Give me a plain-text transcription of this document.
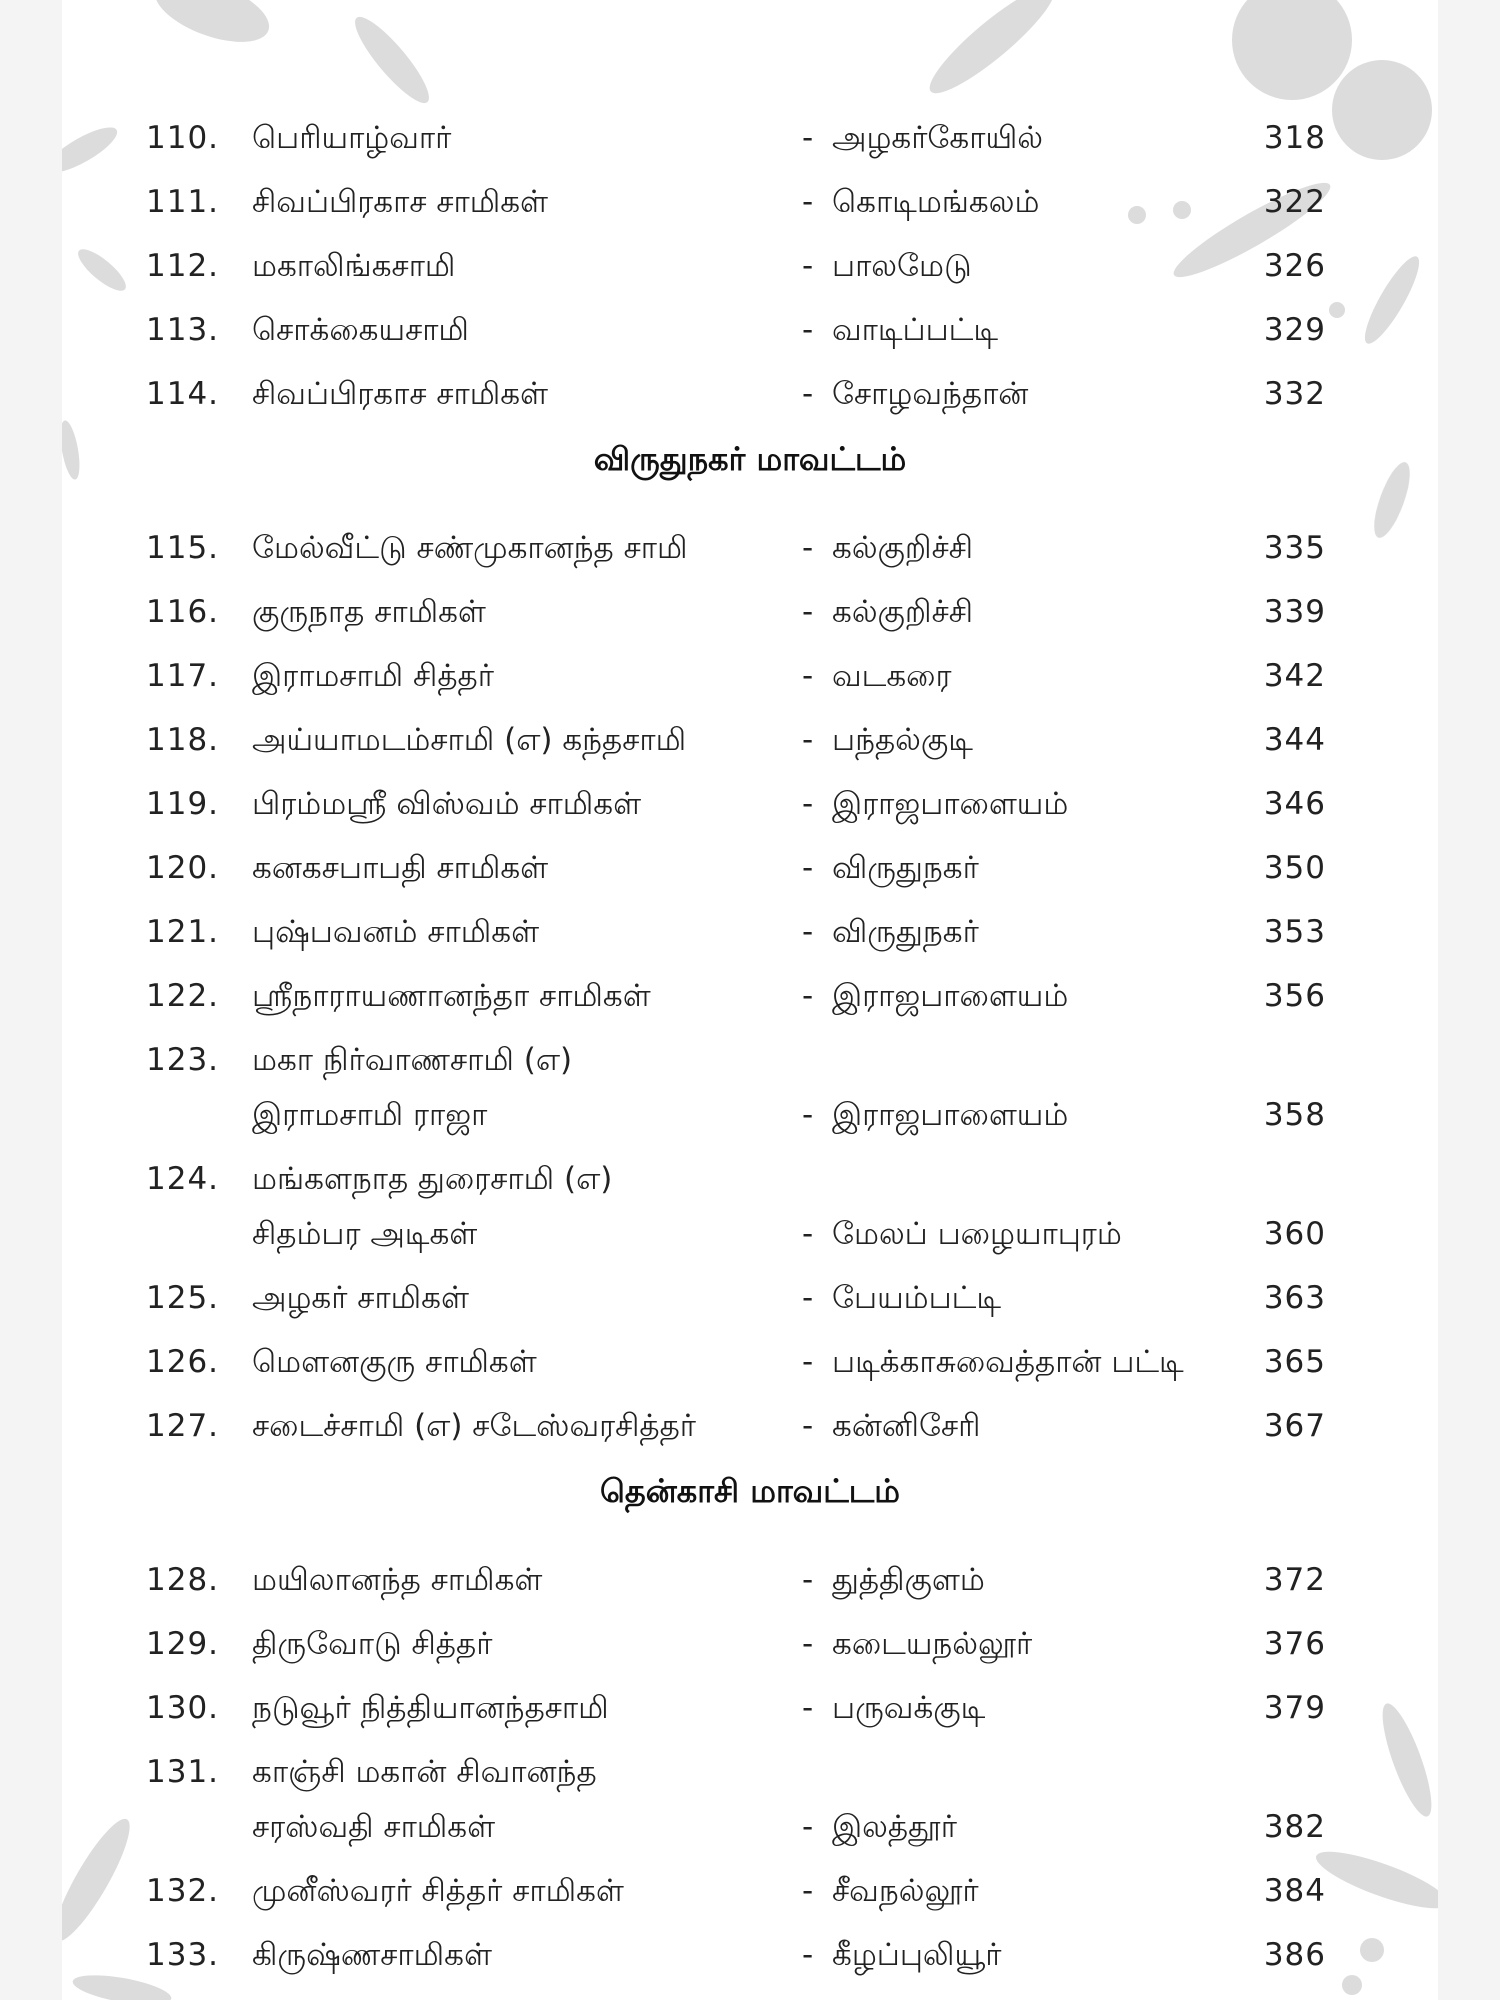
110. பெரியாழ்வார்	- அழகர்கோயில்	318
111. சிவப்பிரகாச சாமிகள்	- கொடிமங்கலம்	322
112. மகாலிங்கசாமி	- பாலமேடு	326
113. சொக்கையசாமி	- வாடிப்பட்டி	329
114. சிவப்பிரகாச சாமிகள்	- சோழவந்தான்	332
விருதுநகர் மாவட்டம்
115. மேல்வீட்டு சண்முகானந்த சாமி	- கல்குறிச்சி	335
116. குருநாத சாமிகள்	- கல்குறிச்சி	339
117. இராமசாமி சித்தர்	- வடகரை	342
118. அய்யாமடம்சாமி (எ) கந்தசாமி	- பந்தல்குடி	344
119. பிரம்மஸ்ரீ விஸ்வம் சாமிகள்	- இராஜபாளையம்	346
120. கனகசபாபதி சாமிகள்	- விருதுநகர்	350
121. புஷ்பவனம் சாமிகள்	- விருதுநகர்	353
122. ஸ்ரீநாராயணானந்தா சாமிகள்	- இராஜபாளையம்	356
123. மகா நிர்வாணசாமி (எ)
இராமசாமி ராஜா	- இராஜபாளையம்	358
124. மங்களநாத துரைசாமி (எ)
சிதம்பர அடிகள்	- மேலப் பழையாபுரம்	360
125. அழகர் சாமிகள்	- பேயம்பட்டி	363
126. மௌனகுரு சாமிகள்	- படிக்காசுவைத்தான் பட்டி	365
127. சடைச்சாமி (எ) சடேஸ்வரசித்தர்	- கன்னிசேரி	367
தென்காசி மாவட்டம்
128. மயிலானந்த சாமிகள்	- துத்திகுளம்	372
129. திருவோடு சித்தர்	- கடையநல்லூர்	376
130. நடுவூர் நித்தியானந்தசாமி	- பருவக்குடி	379
131. காஞ்சி மகான் சிவானந்த
சரஸ்வதி சாமிகள்	- இலத்தூர்	382
132. முனீஸ்வரர் சித்தர் சாமிகள்	- சீவநல்லூர்	384
133. கிருஷ்ணசாமிகள்	- கீழப்புலியூர்	386
